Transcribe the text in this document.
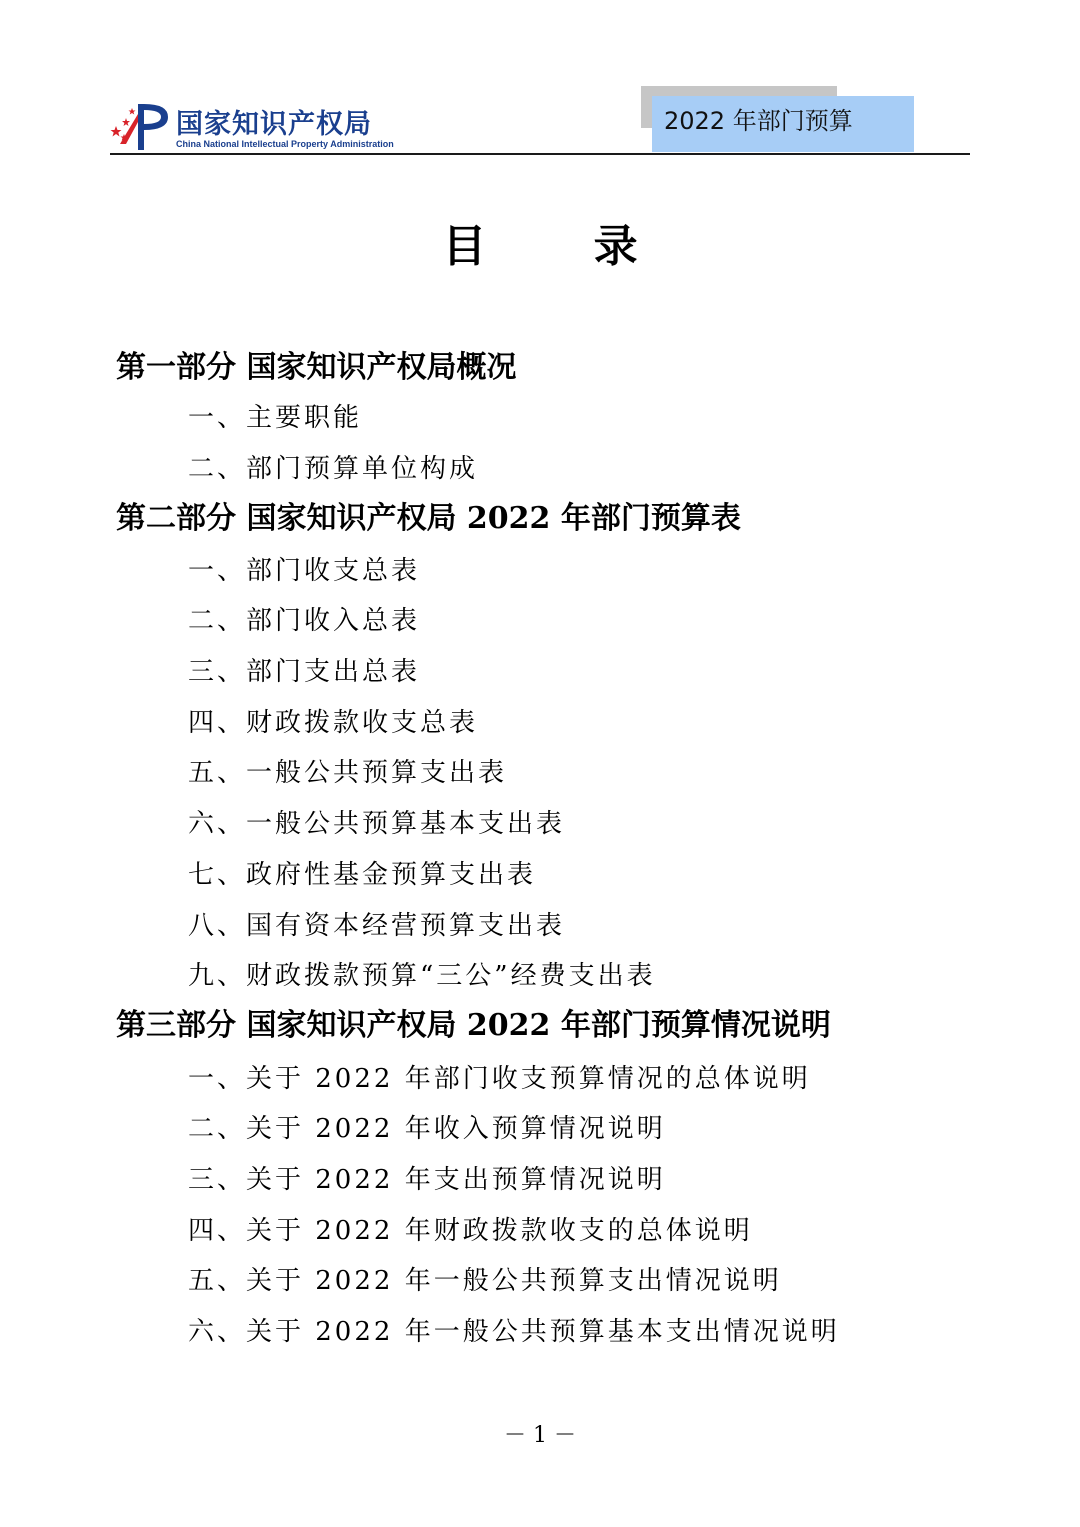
国家知识产权局
China National Intellectual Property Administration
2022 年部门预算
目 录
第一部分 国家知识产权局概况
一、主要职能
二、部门预算单位构成
第二部分 国家知识产权局 2022 年部门预算表
一、部门收支总表
二、部门收入总表
三、部门支出总表
四、财政拨款收支总表
五、一般公共预算支出表
六、一般公共预算基本支出表
七、政府性基金预算支出表
八、国有资本经营预算支出表
九、财政拨款预算“三公”经费支出表
第三部分 国家知识产权局 2022 年部门预算情况说明
一、关于 2022 年部门收支预算情况的总体说明
二、关于 2022 年收入预算情况说明
三、关于 2022 年支出预算情况说明
四、关于 2022 年财政拨款收支的总体说明
五、关于 2022 年一般公共预算支出情况说明
六、关于 2022 年一般公共预算基本支出情况说明
－ 1 －
